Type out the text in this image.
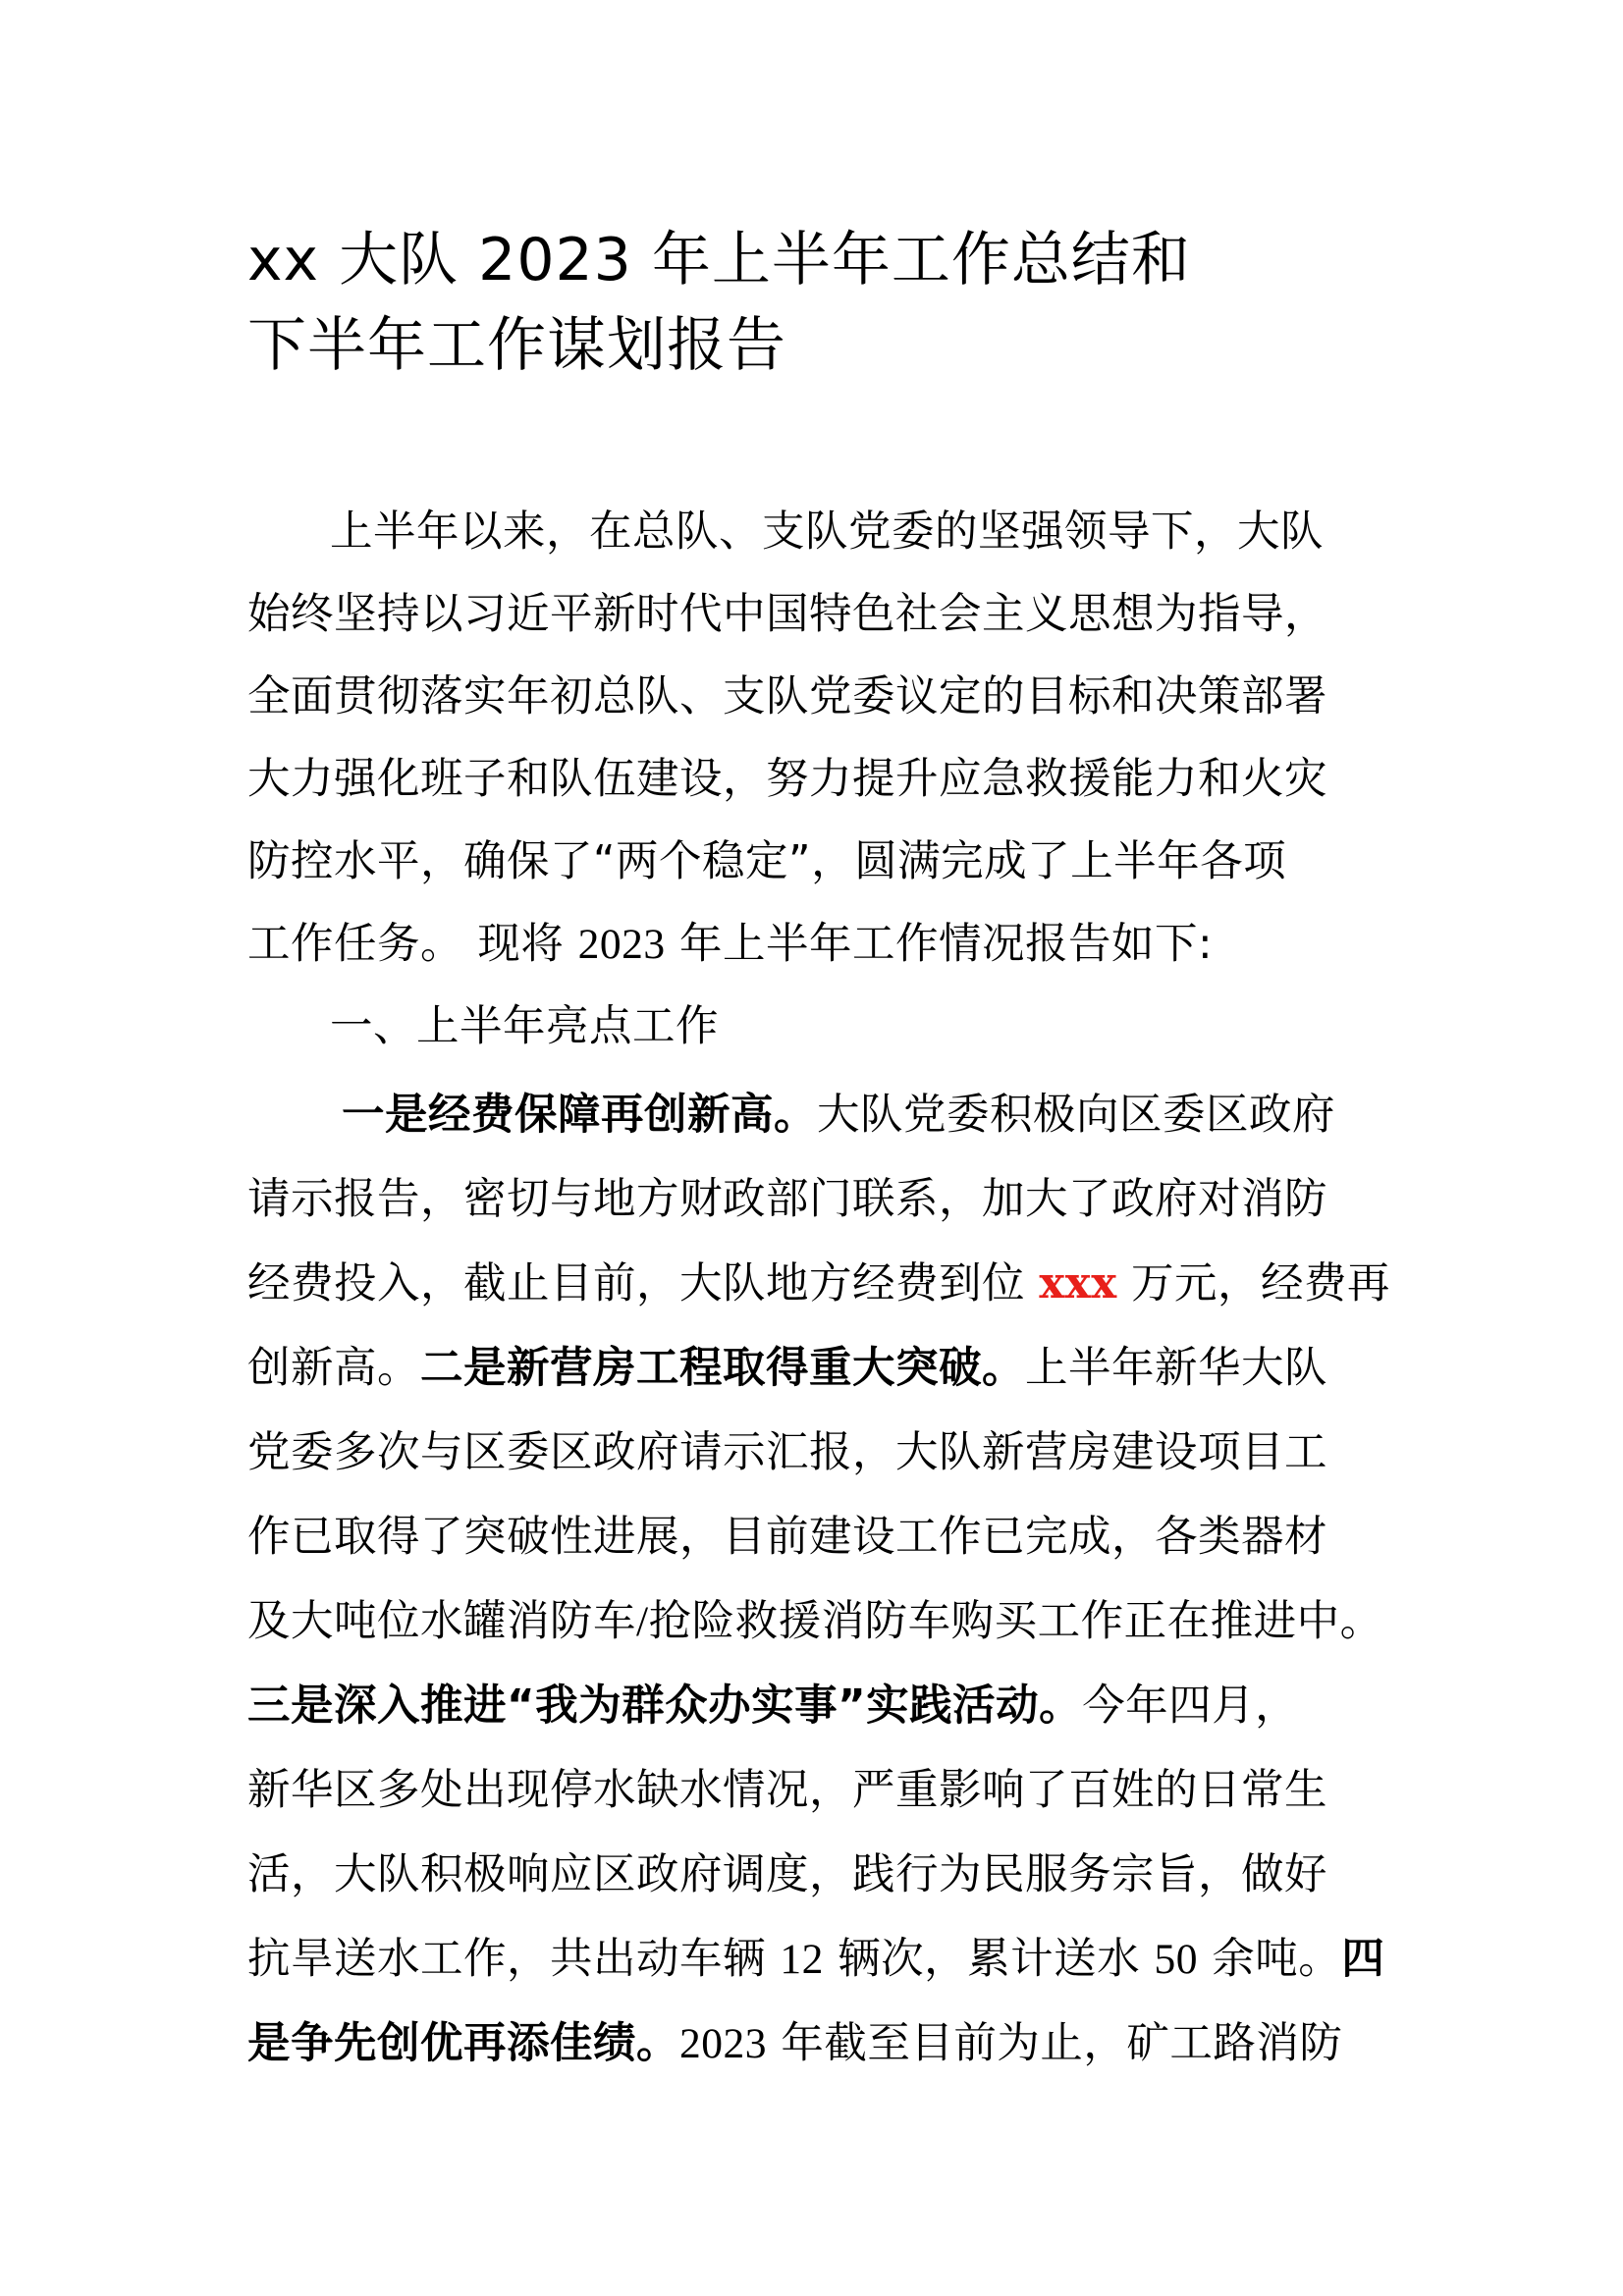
xx 大队 2023 年上半年工作总结和
下半年工作谋划报告
上半年以来，在总队、支队党委的坚强领导下，大队
始终坚持以习近平新时代中国特色社会主义思想为指导，
全面贯彻落实年初总队、支队党委议定的目标和决策部署
大力强化班子和队伍建设，努力提升应急救援能力和火灾
防控水平，确保了“两个稳定”，圆满完成了上半年各项
工作任务。 现将 2023 年上半年工作情况报告如下:
一、上半年亮点工作
一是经费保障再创新高。大队党委积极向区委区政府
请示报告，密切与地方财政部门联系，加大了政府对消防
经费投入，截止目前，大队地方经费到位 xxx 万元，经费再
创新高。二是新营房工程取得重大突破。上半年新华大队
党委多次与区委区政府请示汇报，大队新营房建设项目工
作已取得了突破性进展，目前建设工作已完成，各类器材
及大吨位水罐消防车/抢险救援消防车购买工作正在推进中。
三是深入推进“我为群众办实事”实践活动。今年四月，
新华区多处出现停水缺水情况，严重影响了百姓的日常生
活，大队积极响应区政府调度，践行为民服务宗旨，做好
抗旱送水工作，共出动车辆 12 辆次，累计送水 50 余吨。四
是争先创优再添佳绩。2023 年截至目前为止，矿工路消防
